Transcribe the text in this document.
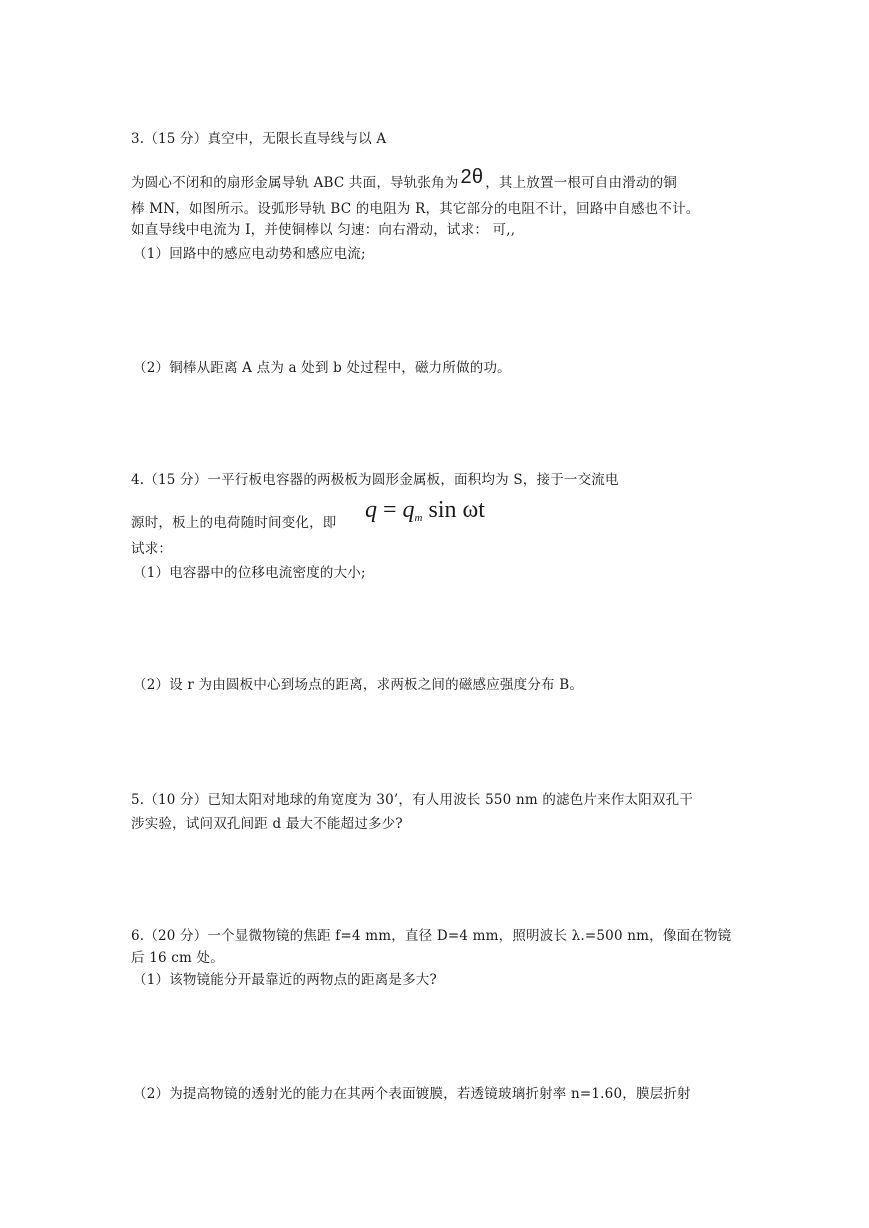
3.（15 分）真空中，无限长直导线与以 A
为圆心不闭和的扇形金属导轨 ABC 共面，导轨张角为 2θ ，其上放置一根可自由滑动的铜
棒 MN，如图所示。设弧形导轨 BC 的电阻为 R，其它部分的电阻不计，回路中自感也不计。
如直导线中电流为 I，并使铜棒以 匀速：向右滑动，试求： 可,,
（1）回路中的感应电动势和感应电流;
（2）铜棒从距离 A 点为 a 处到 b 处过程中，磁力所做的功。
4.（15 分）一平行板电容器的两极板为圆形金属板，面积均为 S，接于一交流电
源时，板上的电荷随时间变化，即 $q = q_m$ sin ωt
试求：
（1）电容器中的位移电流密度的大小;
（2）设 r 为由圆板中心到场点的距离，求两板之间的磁感应强度分布 B。
5.（10 分）已知太阳对地球的角宽度为 30’，有人用波长 550 nm 的滤色片来作太阳双孔干
涉实验，试问双孔间距 d 最大不能超过多少?
6.（20 分）一个显微物镜的焦距 f=4 mm，直径 D=4 mm，照明波长 λ.=500 nm，像面在物镜
后 16 cm 处。
（1）该物镜能分开最靠近的两物点的距离是多大?
（2）为提高物镜的透射光的能力在其两个表面镀膜，若透镜玻璃折射率 n=1.60，膜层折射
